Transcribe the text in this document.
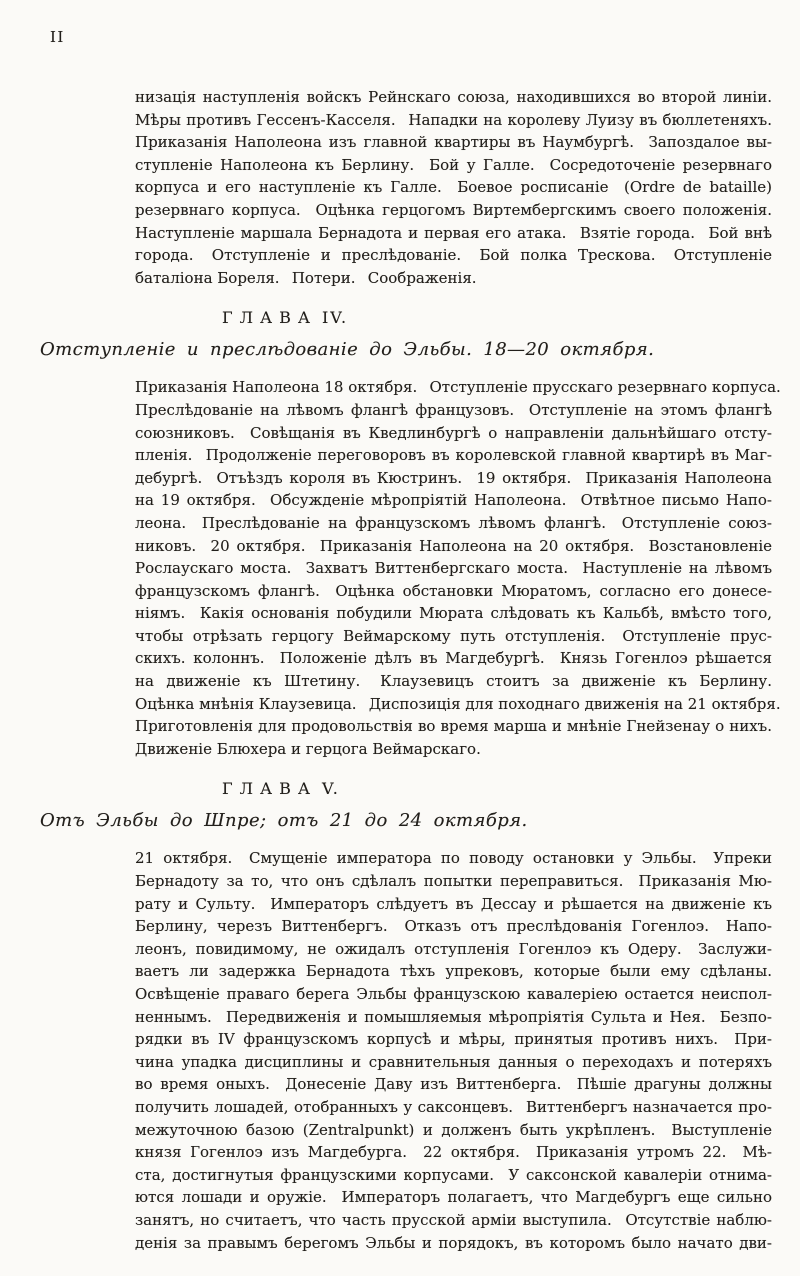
II
низація наступленія войскъ Рейнскаго союза, находившихся во второй линіи.
Мѣры противъ Гессенъ-Касселя.  Нападки на королеву Луизу въ бюллетеняхъ.
Приказанія Наполеона изъ главной квартиры въ Наумбургѣ.  Запоздалое вы-
ступленіе Наполеона къ Берлину.  Бой у Галле.  Сосредоточеніе резервнаго
корпуса и его наступленіе къ Галле.  Боевое росписаніе  (Ordre de bataille)
резервнаго корпуса.  Оцѣнка герцогомъ Виртембергскимъ своего положенія.
Наступленіе маршала Бернадота и первая его атака.  Взятіе города.  Бой внѣ
города.  Отступленіе и преслѣдованіе.  Бой полка Трескова.  Отступленіе
баталіона Бореля.  Потери.  Соображенія.
ГЛАВА IV.
Отступленіе и преслѣдованіе до Эльбы. 18—20 октября.
Приказанія Наполеона 18 октября.  Отступленіе прусскаго резервнаго корпуса.
Преслѣдованіе на лѣвомъ флангѣ французовъ.  Отступленіе на этомъ флангѣ
союзниковъ.  Совѣщанія въ Кведлинбургѣ о направленіи дальнѣйшаго отсту-
пленія.  Продолженіе переговоровъ въ королевской главной квартирѣ въ Маг-
дебургѣ.  Отъѣздъ короля въ Кюстринъ.  19 октября.  Приказанія Наполеона
на 19 октября.  Обсужденіе мѣропріятій Наполеона.  Отвѣтное письмо Напо-
леона.  Преслѣдованіе на французскомъ лѣвомъ флангѣ.  Отступленіе союз-
никовъ.  20 октября.  Приказанія Наполеона на 20 октября.  Возстановленіе
Рослаускаго моста.  Захватъ Виттенбергскаго моста.  Наступленіе на лѣвомъ
французскомъ флангѣ.  Оцѣнка обстановки Мюратомъ, согласно его донесе-
ніямъ.  Какія основанія побудили Мюрата слѣдовать къ Кальбѣ, вмѣсто того,
чтобы отрѣзать герцогу Веймарскому путь отступленія.  Отступленіе прус-
скихъ. колоннъ.  Положеніе дѣлъ въ Магдебургѣ.  Князь Гогенлоэ рѣшается
на движеніе къ Штетину.  Клаузевицъ стоитъ за движеніе къ Берлину.
Оцѣнка мнѣнія Клаузевица.  Диспозиція для походнаго движенія на 21 октября.
Приготовленія для продовольствія во время марша и мнѣніе Гнейзенау о нихъ.
Движеніе Блюхера и герцога Веймарскаго.
ГЛАВА V.
Отъ Эльбы до Шпре; отъ 21 до 24 октября.
21 октября.  Смущеніе императора по поводу остановки у Эльбы.  Упреки
Бернадоту за то, что онъ сдѣлалъ попытки переправиться.  Приказанія Мю-
рату и Сульту.  Императоръ слѣдуетъ въ Дессау и рѣшается на движеніе къ
Берлину, черезъ Виттенбергъ.  Отказъ отъ преслѣдованія Гогенлоэ.  Напо-
леонъ, повидимому, не ожидалъ отступленія Гогенлоэ къ Одеру.  Заслужи-
ваетъ ли задержка Бернадота тѣхъ упрековъ, которые были ему сдѣланы.
Освѣщеніе праваго берега Эльбы французскою кавалеріею остается неиспол-
неннымъ.  Передвиженія и помышляемыя мѣропріятія Сульта и Нея.  Безпо-
рядки въ IV французскомъ корпусѣ и мѣры, принятыя противъ нихъ.  При-
чина упадка дисциплины и сравнительныя данныя о переходахъ и потеряхъ
во время оныхъ.  Донесеніе Даву изъ Виттенберга.  Пѣшіе драгуны должны
получить лошадей, отобранныхъ у саксонцевъ.  Виттенбергъ назначается про-
межуточною базою (Zentralpunkt) и долженъ быть укрѣпленъ.  Выступленіе
князя Гогенлоэ изъ Магдебурга.  22 октября.  Приказанія утромъ 22.  Мѣ-
ста, достигнутыя французскими корпусами.  У саксонской кавалеріи отнима-
ются лошади и оружіе.  Императоръ полагаетъ, что Магдебургъ еще сильно
занятъ, но считаетъ, что часть прусской арміи выступила.  Отсутствіе наблю-
денія за правымъ берегомъ Эльбы и порядокъ, въ которомъ было начато дви-
